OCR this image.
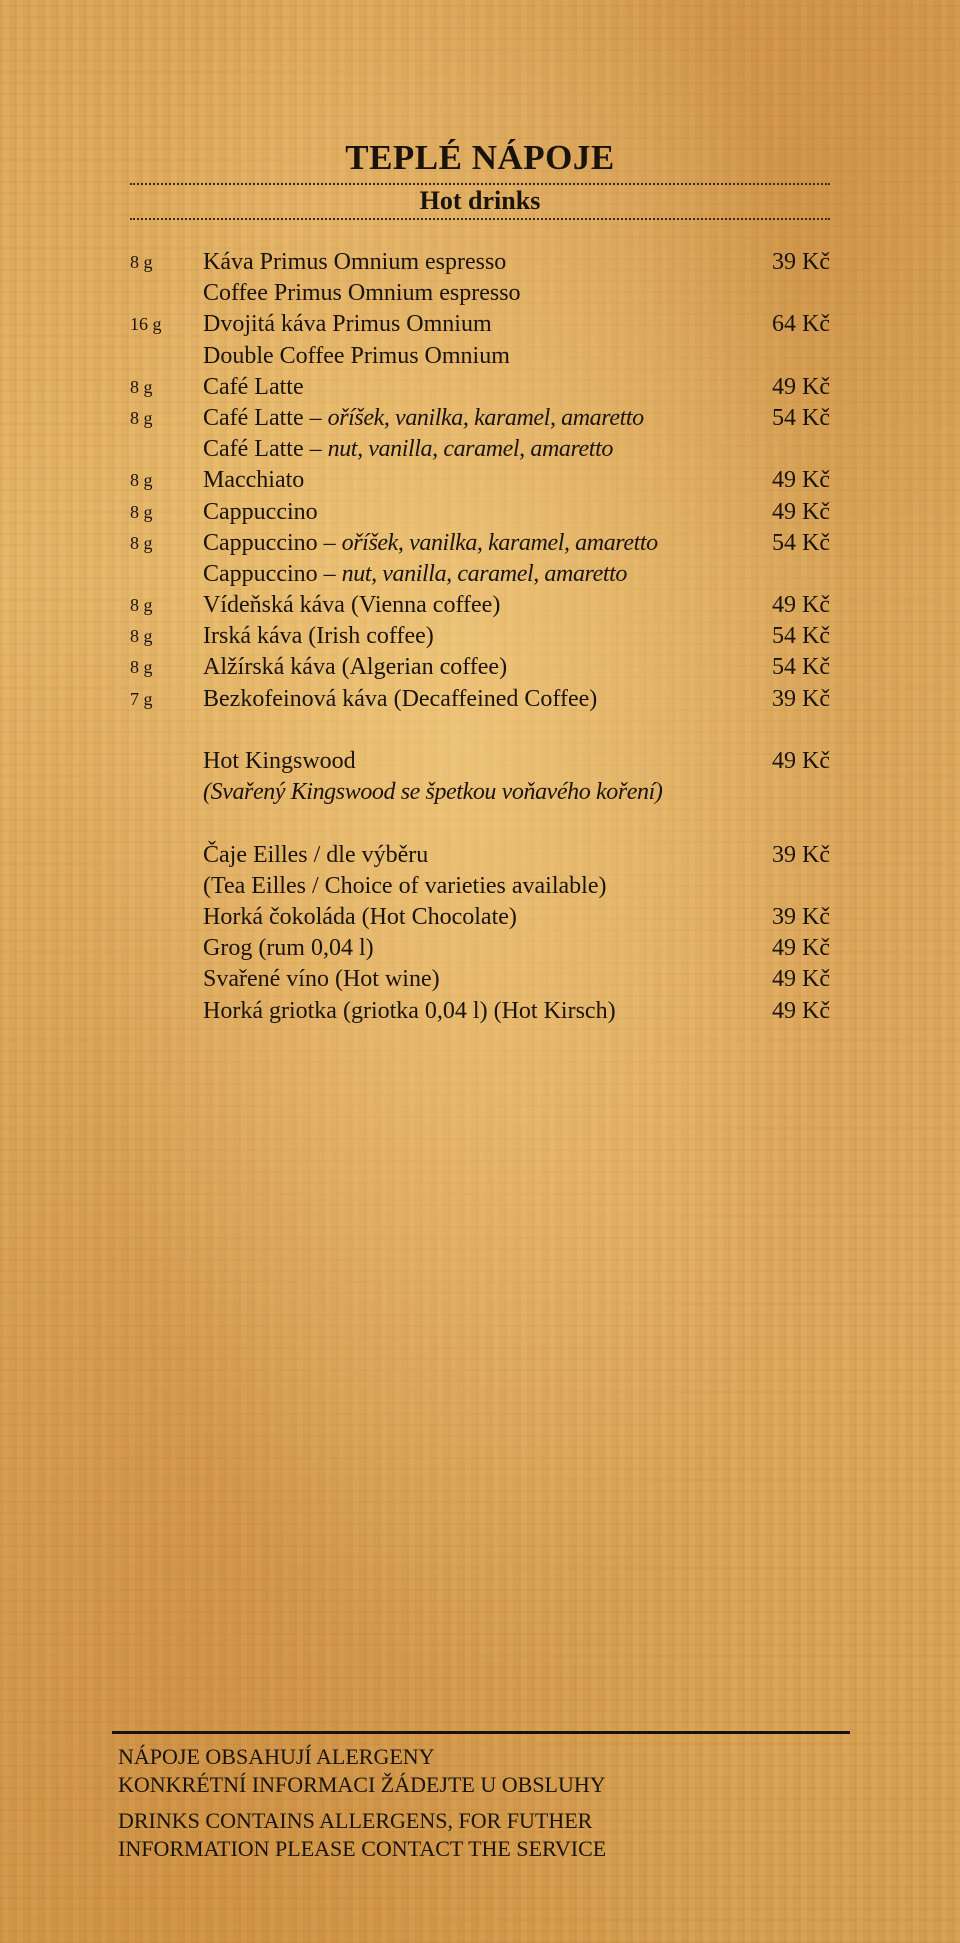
TEPLÉ NÁPOJE
Hot drinks
8 g Káva Primus Omnium espresso	39 Kč
Coffee Primus Omnium espresso
16 g Dvojitá káva Primus Omnium	64 Kč
Double Coffee Primus Omnium
8 g Café Latte	49 Kč
8 g Café Latte – oříšek, vanilka, karamel, amaretto	54 Kč
Café Latte – nut, vanilla, caramel, amaretto
8 g Macchiato	49 Kč
8 g Cappuccino	49 Kč
8 g Cappuccino – oříšek, vanilka, karamel, amaretto	54 Kč
Cappuccino – nut, vanilla, caramel, amaretto
8 g Vídeňská káva (Vienna coffee)	49 Kč
8 g Irská káva (Irish coffee)	54 Kč
8 g Alžírská káva (Algerian coffee)	54 Kč
7 g Bezkofeinová káva (Decaffeined Coffee)	39 Kč
Hot Kingswood	49 Kč
(Svařený Kingswood se špetkou voňavého koření)
Čaje Eilles / dle výběru	39 Kč
(Tea Eilles / Choice of varieties available)
Horká čokoláda (Hot Chocolate)	39 Kč
Grog (rum 0,04 l)	49 Kč
Svařené víno (Hot wine)	49 Kč
Horká griotka (griotka 0,04 l) (Hot Kirsch)	49 Kč
NÁPOJE OBSAHUJÍ ALERGENY
KONKRÉTNÍ INFORMACI ŽÁDEJTE U OBSLUHY
DRINKS CONTAINS ALLERGENS, FOR FUTHER
INFORMATION PLEASE CONTACT THE SERVICE
